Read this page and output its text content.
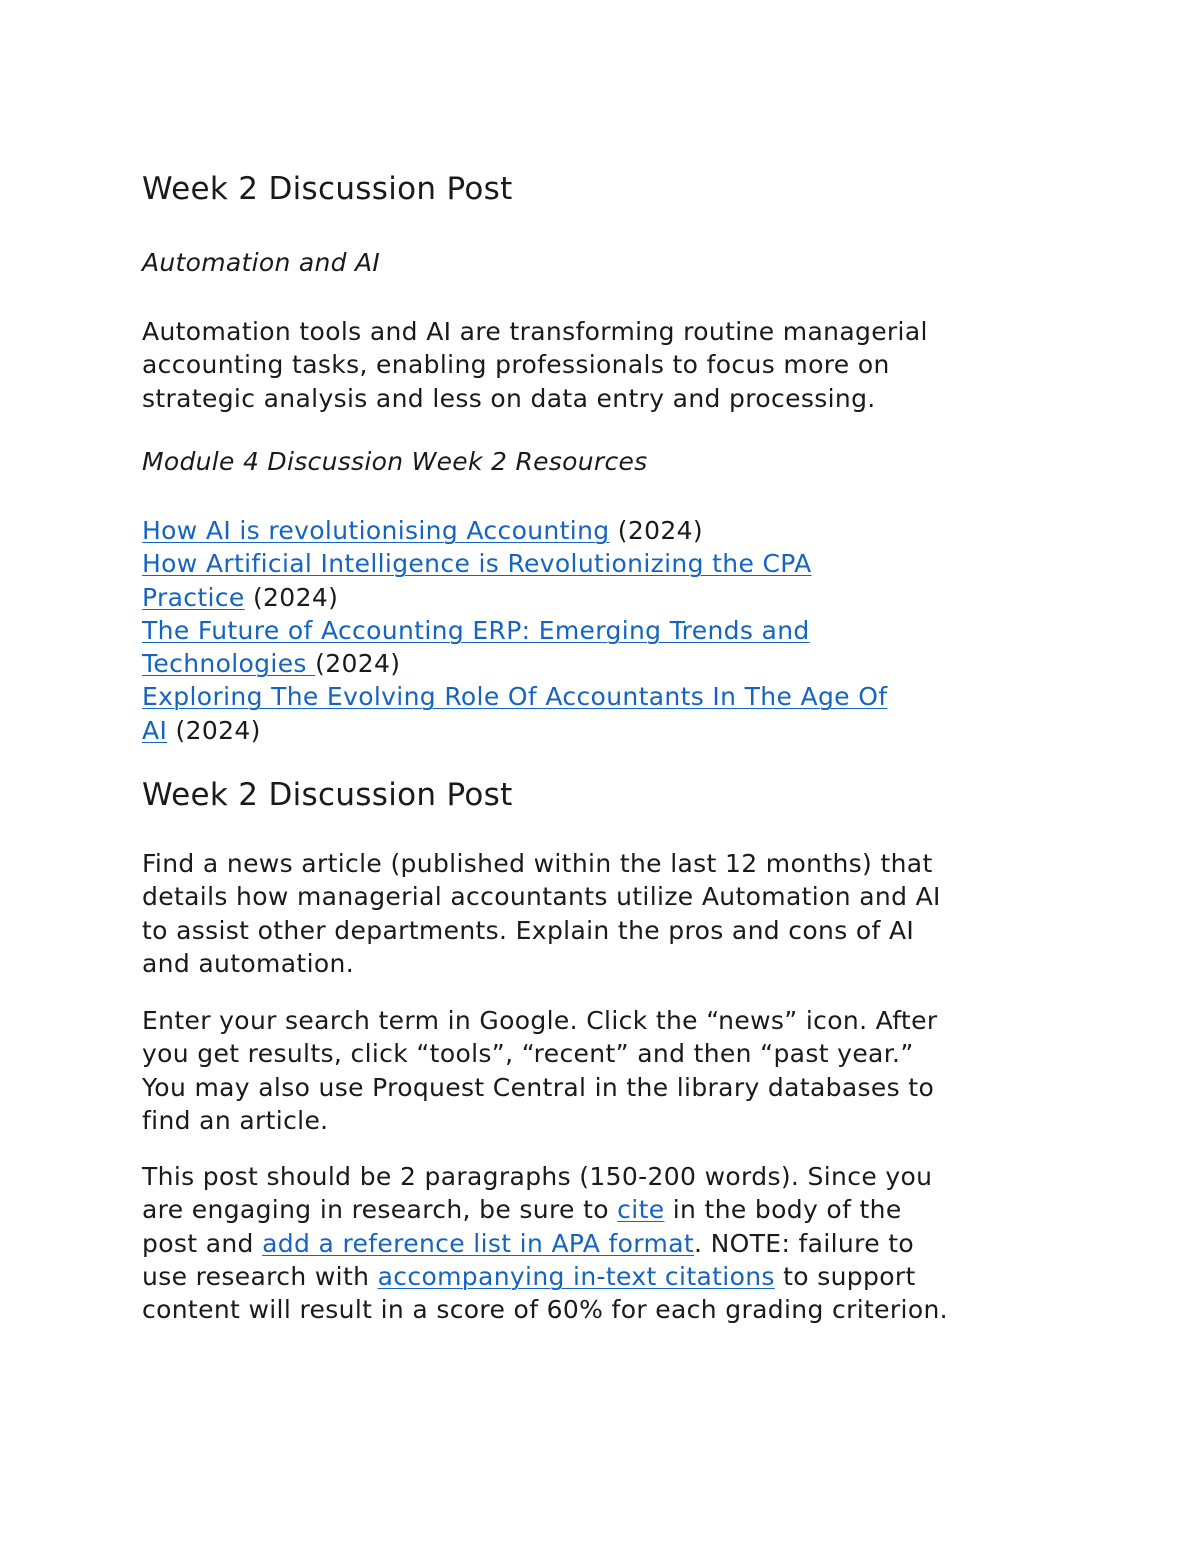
Week 2 Discussion Post

Automation and AI

Automation tools and AI are transforming routine managerial
accounting tasks, enabling professionals to focus more on
strategic analysis and less on data entry and processing.

Module 4 Discussion Week 2 Resources

How AI is revolutionising Accounting (2024)
How Artificial Intelligence is Revolutionizing the CPA
Practice (2024)
The Future of Accounting ERP: Emerging Trends and
Technologies (2024)
Exploring The Evolving Role Of Accountants In The Age Of
AI (2024)

Week 2 Discussion Post

Find a news article (published within the last 12 months) that
details how managerial accountants utilize Automation and AI
to assist other departments. Explain the pros and cons of AI
and automation.

Enter your search term in Google. Click the “news” icon. After
you get results, click “tools”, “recent” and then “past year.”
You may also use Proquest Central in the library databases to
find an article.

This post should be 2 paragraphs (150-200 words). Since you
are engaging in research, be sure to cite in the body of the
post and add a reference list in APA format. NOTE: failure to
use research with accompanying in-text citations to support
content will result in a score of 60% for each grading criterion.
